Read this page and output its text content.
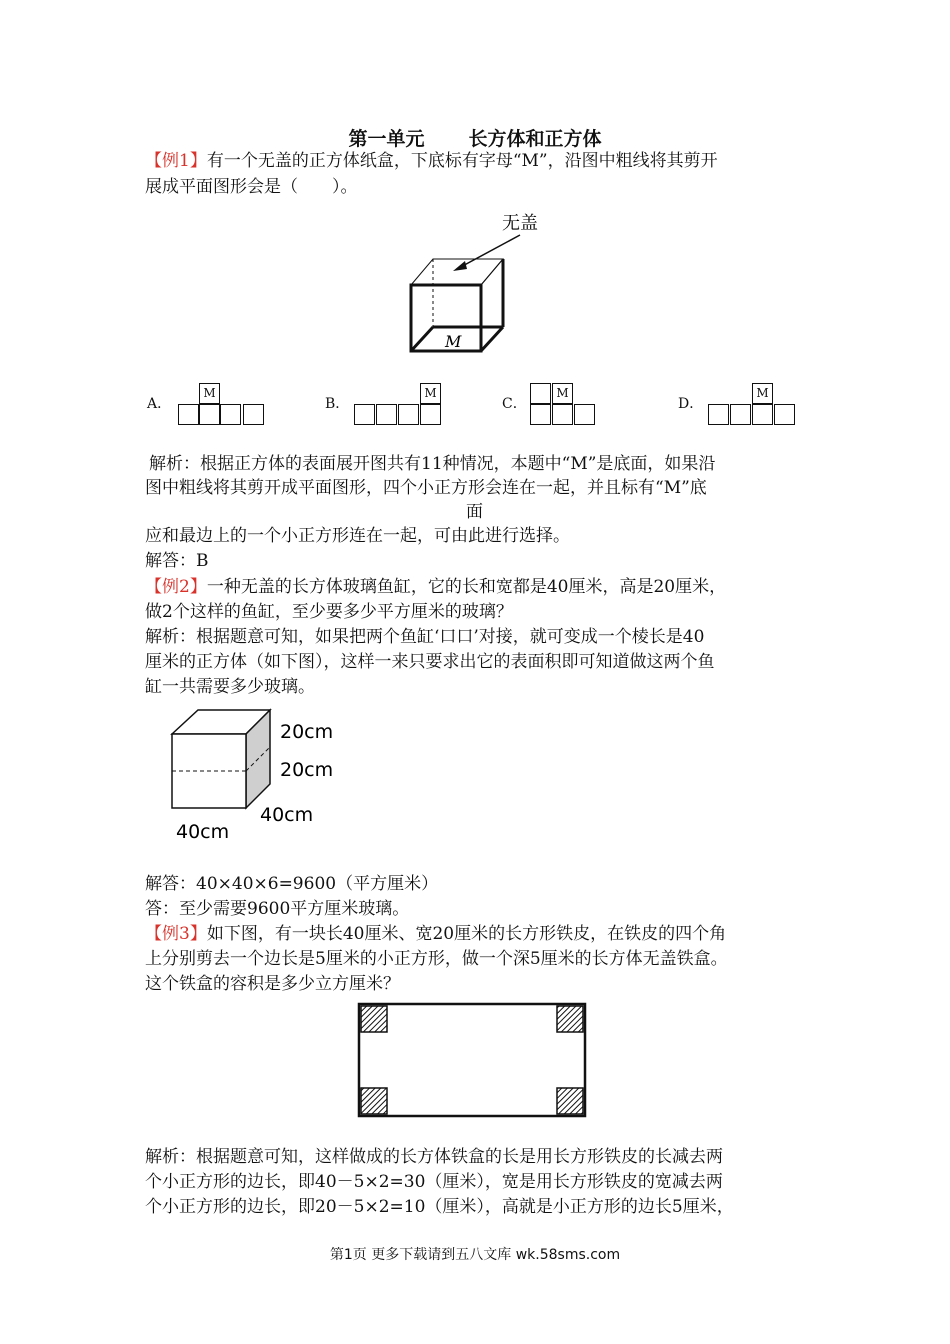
第一单元 长方体和正方体
【例1】有一个无盖的正方体纸盒，下底标有字母“M”，沿图中粗线将其剪开
展成平面图形会是（　　）。
无盖
M
A．
M
B．
M
C．
M
D．
M
解析：根据正方体的表面展开图共有11种情况，本题中“M”是底面，如果沿
图中粗线将其剪开成平面图形，四个小正方形会连在一起，并且标有“M”底
面
应和最边上的一个小正方形连在一起，可由此进行选择。
解答：B
【例2】一种无盖的长方体玻璃鱼缸，它的长和宽都是40厘米，高是20厘米，
做2个这样的鱼缸，至少要多少平方厘米的玻璃？
解析：根据题意可知，如果把两个鱼缸‘口口’对接，就可变成一个棱长是40
厘米的正方体（如下图），这样一来只要求出它的表面积即可知道做这两个鱼
缸一共需要多少玻璃。
20cm
20cm
40cm
40cm
解答：40×40×6=9600（平方厘米）
答：至少需要9600平方厘米玻璃。
【例3】如下图，有一块长40厘米、宽20厘米的长方形铁皮，在铁皮的四个角
上分别剪去一个边长是5厘米的小正方形，做一个深5厘米的长方体无盖铁盒。
这个铁盒的容积是多少立方厘米？
解析：根据题意可知，这样做成的长方体铁盒的长是用长方形铁皮的长减去两
个小正方形的边长，即40－5×2=30（厘米），宽是用长方形铁皮的宽减去两
个小正方形的边长，即20－5×2=10（厘米），高就是小正方形的边长5厘米，
第1页 更多下载请到五八文库 wk.58sms.com
